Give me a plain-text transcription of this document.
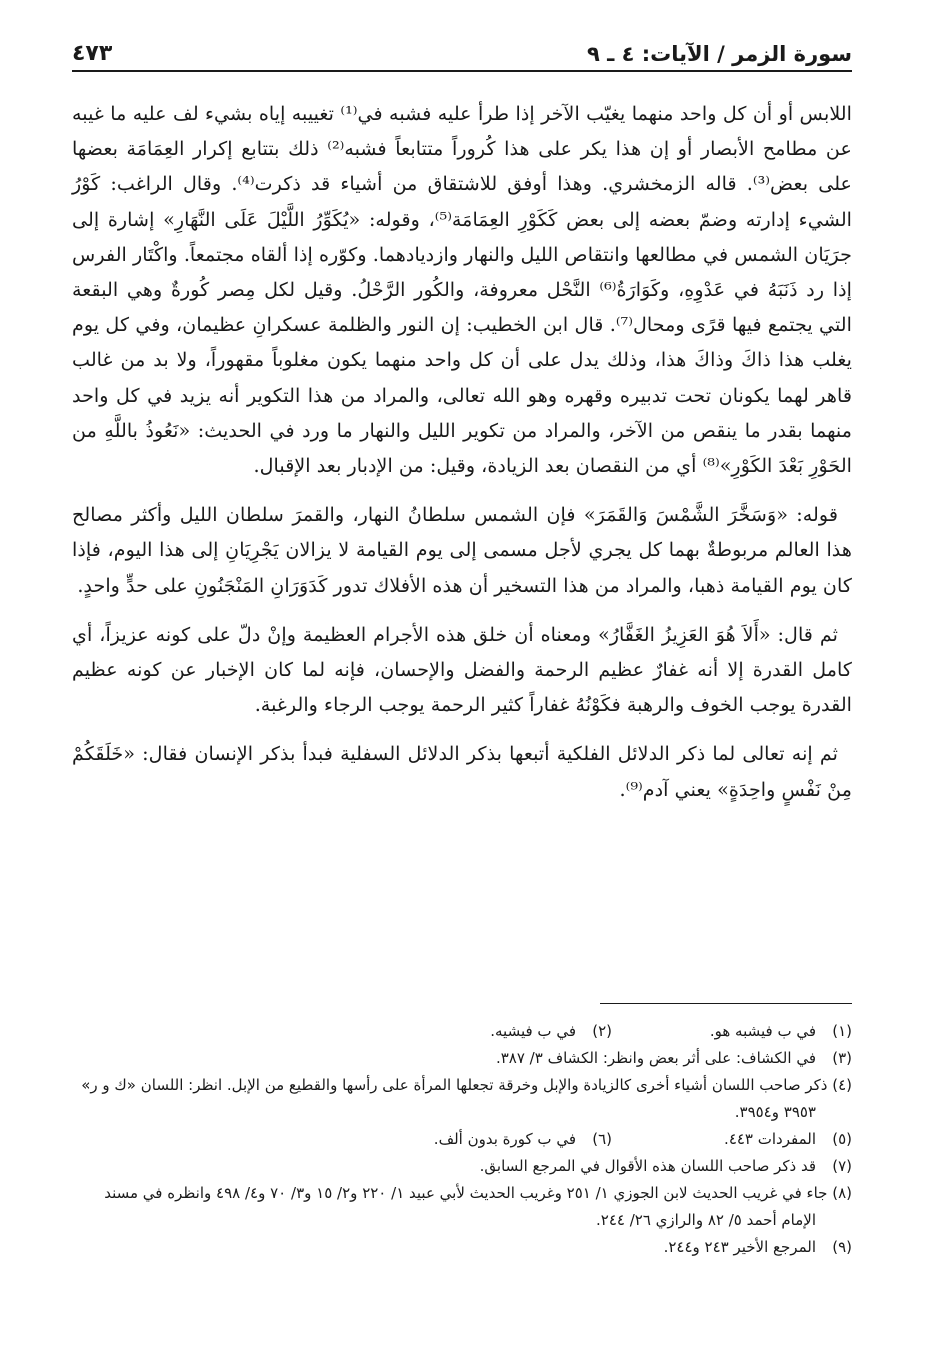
سورة الزمر / الآيات: ٤ ـ ٩
٤٧٣

اللابس أو أن كل واحد منهما يغيّب الآخر إذا طرأ عليه فشبه في⁽¹⁾ تغييبه إياه بشيء لف عليه ما غيبه عن مطامح الأبصار أو إن هذا يكر على هذا كُروراً متتابعاً فشبه⁽²⁾ ذلك بتتابع إكرار العِمَامَة بعضها على بعض⁽³⁾. قاله الزمخشري. وهذا أوفق للاشتقاق من أشياء قد ذكرت⁽⁴⁾. وقال الراغب: كَوْرُ الشيء إدارته وضمّ بعضه إلى بعض كَكَوْرِ العِمَامَة⁽⁵⁾، وقوله: «يُكَوِّرُ اللَّيْلَ عَلَى النَّهَارِ» إشارة إلى جرَيَان الشمس في مطالعها وانتقاص الليل والنهار وازديادهما. وكوّره إذا ألقاه مجتمعاً. واكْتَار الفرس إذا رد ذَنَبَهُ في عَدْوِهِ، وكَوَارَةُ⁽⁶⁾ النَّحْل معروفة، والكُور الرَّحْلُ. وقيل لكل مِصر كُورةٌ وهي البقعة التي يجتمع فيها قرًى ومحال⁽⁷⁾. قال ابن الخطيب: إن النور والظلمة عسكرانِ عظيمان، وفي كل يوم يغلب هذا ذاكَ وذاكَ هذا، وذلك يدل على أن كل واحد منهما يكون مغلوباً مقهوراً، ولا بد من غالب قاهر لهما يكونان تحت تدبيره وقهره وهو الله تعالى، والمراد من هذا التكوير أنه يزيد في كل واحد منهما بقدر ما ينقص من الآخر، والمراد من تكوير الليل والنهار ما ورد في الحديث: «نَعُوذُ باللَّهِ من الحَوْرِ بَعْدَ الكَوْرِ»⁽⁸⁾ أي من النقصان بعد الزيادة، وقيل: من الإدبار بعد الإقبال.

قوله: «وَسَخَّرَ الشَّمْسَ وَالقَمَرَ» فإن الشمس سلطانُ النهار، والقمرَ سلطان الليل وأكثر مصالح هذا العالم مربوطةٌ بهما كل يجري لأجل مسمى إلى يوم القيامة لا يزالان يَجْرِيَانِ إلى هذا اليوم، فإذا كان يوم القيامة ذهبا، والمراد من هذا التسخير أن هذه الأفلاك تدور كَدَوَرَانِ المَنْجَنُونِ على حدٍّ واحدٍ.

ثم قال: «أَلاَ هُوَ العَزِيزُ الغَفَّارُ» ومعناه أن خلق هذه الأجرام العظيمة وإنْ دلّ على كونه عزيزاً، أي كامل القدرة إلا أنه غفارٌ عظيم الرحمة والفضل والإحسان، فإنه لما كان الإخبار عن كونه عظيم القدرة يوجب الخوف والرهبة فكَوْنُهُ غفاراً كثير الرحمة يوجب الرجاء والرغبة.

ثم إنه تعالى لما ذكر الدلائل الفلكية أتبعها بذكر الدلائل السفلية فبدأ بذكر الإنسان فقال: «خَلَقَكُمْ مِنْ نَفْسٍ واحِدَةٍ» يعني آدم⁽⁹⁾.

(١)
في ب فيشبه هو.
(٢)
في ب فيشيه.
(٣)
في الكشاف: على أثر بعض وانظر: الكشاف ٣/ ٣٨٧.
(٤) ذكر صاحب اللسان أشياء أخرى كالزيادة والإبل وخرقة تجعلها المرأة على رأسها والقطيع من الإبل. انظر: اللسان «ك و ر» ٣٩٥٣ و٣٩٥٤.
(٥)
المفردات ٤٤٣.
(٦)
في ب كورة بدون ألف.
(٧)
قد ذكر صاحب اللسان هذه الأقوال في المرجع السابق.
(٨) جاء في غريب الحديث لابن الجوزي ١/ ٢٥١ وغريب الحديث لأبي عبيد ١/ ٢٢٠ و٢/ ١٥ و٣/ ٧٠ و٤/ ٤٩٨ وانظره في مسند الإمام أحمد ٥/ ٨٢ والرازي ٢٦/ ٢٤٤.
(٩)
المرجع الأخير ٢٤٣ و٢٤٤.
